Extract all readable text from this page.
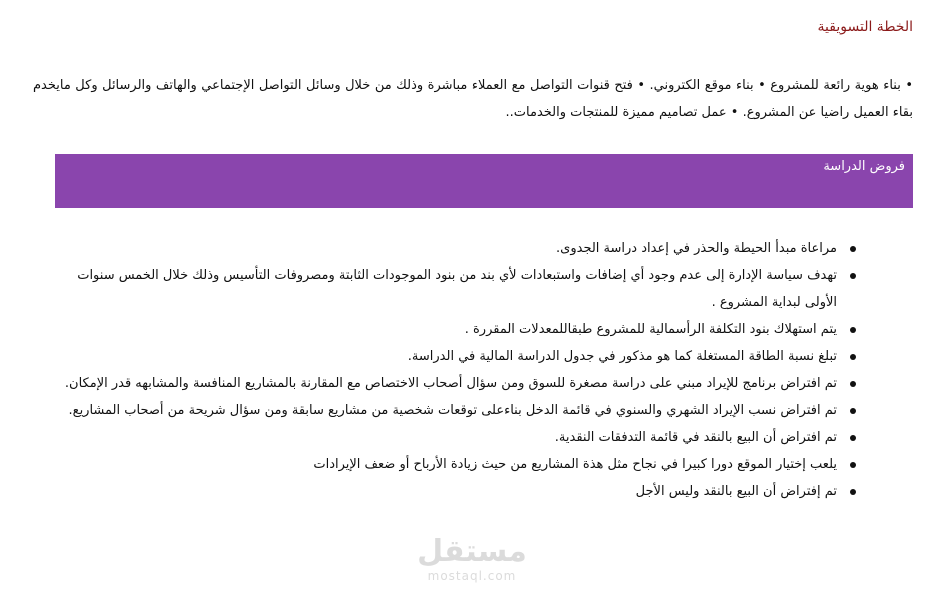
الخطة التسويقية

• بناء هوية رائعة للمشروع • بناء موقع الكتروني. • فتح قنوات التواصل مع العملاء مباشرة وذلك من خلال وسائل التواصل الإجتماعي والهاتف والرسائل وكل مايخدم بقاء العميل راضيا عن المشروع. • عمل تصاميم مميزة للمنتجات والخدمات..

فروض الدراسة
مراعاة مبدأ الحيطة والحذر في إعداد دراسة الجدوى.
تهدف سياسة الإدارة إلى عدم وجود أي إضافات واستبعادات لأي بند من بنود الموجودات الثابتة ومصروفات التأسيس وذلك خلال الخمس سنوات الأولى لبداية المشروع .
يتم استهلاك بنود التكلفة الرأسمالية للمشروع طبقاللمعدلات المقررة .
تبلغ نسبة الطاقة المستغلة كما هو مذكور في جدول الدراسة المالية في الدراسة.
تم افتراض برنامج للإيراد مبني على دراسة مصغرة للسوق ومن سؤال أصحاب الاختصاص مع المقارنة بالمشاريع المنافسة والمشابهه قدر الإمكان.
تم افتراض نسب الإيراد الشهري والسنوي في قائمة الدخل بناءعلى توقعات شخصية من مشاريع سابقة ومن سؤال شريحة من أصحاب المشاريع.
تم افتراض أن البيع بالنقد في قائمة التدفقات النقدية.
يلعب إختيار الموقع دورا كبيرا في نجاح مثل هذة المشاريع من حيث زيادة الأرباح أو ضعف الإيرادات
تم إفتراض أن البيع بالنقد وليس الأجل
مستقل
mostaql.com
